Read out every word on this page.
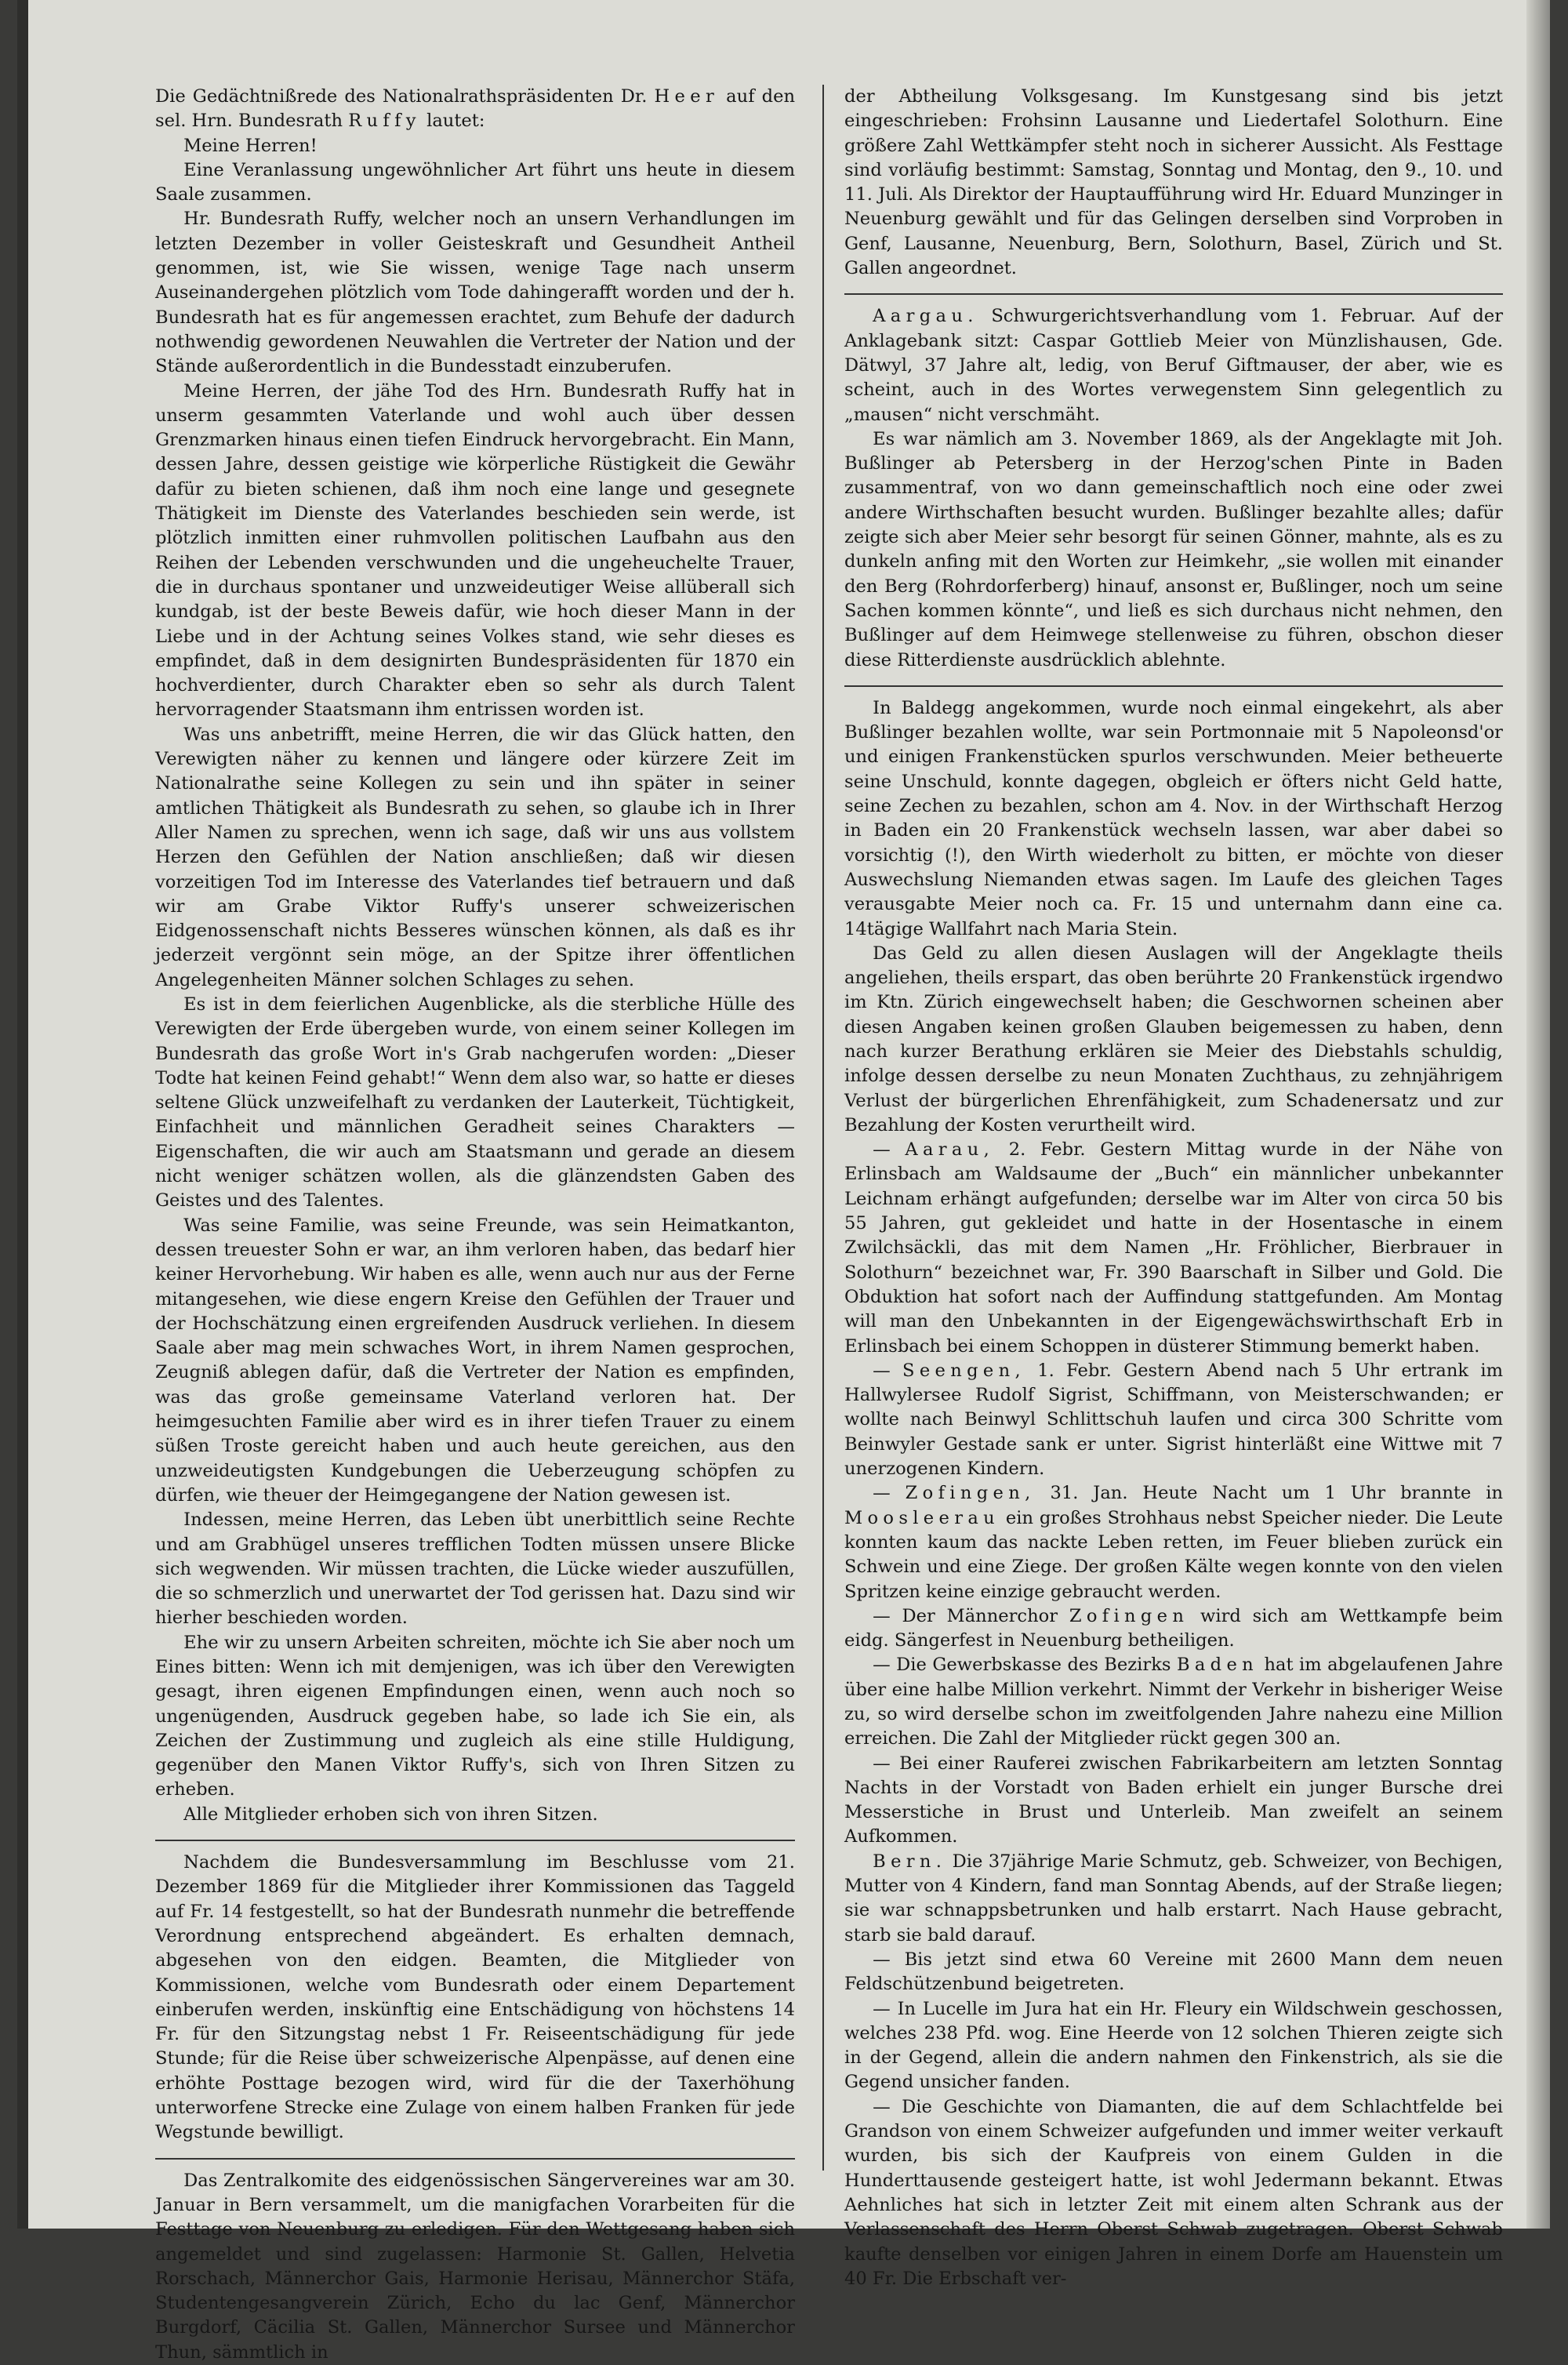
Die Gedächtnißrede des Nationalrathspräsidenten Dr. Heer auf den sel. Hrn. Bundesrath Ruffy lautet:

Meine Herren!

Eine Veranlassung ungewöhnlicher Art führt uns heute in diesem Saale zusammen.

Hr. Bundesrath Ruffy, welcher noch an unsern Verhandlungen im letzten Dezember in voller Geisteskraft und Gesundheit Antheil genommen, ist, wie Sie wissen, wenige Tage nach unserm Auseinandergehen plötzlich vom Tode dahingerafft worden und der h. Bundesrath hat es für angemessen erachtet, zum Behufe der dadurch nothwendig gewordenen Neuwahlen die Vertreter der Nation und der Stände außerordentlich in die Bundesstadt einzuberufen.

Meine Herren, der jähe Tod des Hrn. Bundesrath Ruffy hat in unserm gesammten Vaterlande und wohl auch über dessen Grenzmarken hinaus einen tiefen Eindruck hervorgebracht. Ein Mann, dessen Jahre, dessen geistige wie körperliche Rüstigkeit die Gewähr dafür zu bieten schienen, daß ihm noch eine lange und gesegnete Thätigkeit im Dienste des Vaterlandes beschieden sein werde, ist plötzlich inmitten einer ruhmvollen politischen Laufbahn aus den Reihen der Lebenden verschwunden und die ungeheuchelte Trauer, die in durchaus spontaner und unzweideutiger Weise allüberall sich kundgab, ist der beste Beweis dafür, wie hoch dieser Mann in der Liebe und in der Achtung seines Volkes stand, wie sehr dieses es empfindet, daß in dem designirten Bundespräsidenten für 1870 ein hochverdienter, durch Charakter eben so sehr als durch Talent hervorragender Staatsmann ihm entrissen worden ist.

Was uns anbetrifft, meine Herren, die wir das Glück hatten, den Verewigten näher zu kennen und längere oder kürzere Zeit im Nationalrathe seine Kollegen zu sein und ihn später in seiner amtlichen Thätigkeit als Bundesrath zu sehen, so glaube ich in Ihrer Aller Namen zu sprechen, wenn ich sage, daß wir uns aus vollstem Herzen den Gefühlen der Nation anschließen; daß wir diesen vorzeitigen Tod im Interesse des Vaterlandes tief betrauern und daß wir am Grabe Viktor Ruffy's unserer schweizerischen Eidgenossenschaft nichts Besseres wünschen können, als daß es ihr jederzeit vergönnt sein möge, an der Spitze ihrer öffentlichen Angelegenheiten Männer solchen Schlages zu sehen.

Es ist in dem feierlichen Augenblicke, als die sterbliche Hülle des Verewigten der Erde übergeben wurde, von einem seiner Kollegen im Bundesrath das große Wort in's Grab nachgerufen worden: „Dieser Todte hat keinen Feind gehabt!“ Wenn dem also war, so hatte er dieses seltene Glück unzweifelhaft zu verdanken der Lauterkeit, Tüchtigkeit, Einfachheit und männlichen Geradheit seines Charakters — Eigenschaften, die wir auch am Staatsmann und gerade an diesem nicht weniger schätzen wollen, als die glänzendsten Gaben des Geistes und des Talentes.

Was seine Familie, was seine Freunde, was sein Heimatkanton, dessen treuester Sohn er war, an ihm verloren haben, das bedarf hier keiner Hervorhebung. Wir haben es alle, wenn auch nur aus der Ferne mitangesehen, wie diese engern Kreise den Gefühlen der Trauer und der Hochschätzung einen ergreifenden Ausdruck verliehen. In diesem Saale aber mag mein schwaches Wort, in ihrem Namen gesprochen, Zeugniß ablegen dafür, daß die Vertreter der Nation es empfinden, was das große gemeinsame Vaterland verloren hat. Der heimgesuchten Familie aber wird es in ihrer tiefen Trauer zu einem süßen Troste gereicht haben und auch heute gereichen, aus den unzweideutigsten Kundgebungen die Ueberzeugung schöpfen zu dürfen, wie theuer der Heimgegangene der Nation gewesen ist.

Indessen, meine Herren, das Leben übt unerbittlich seine Rechte und am Grabhügel unseres trefflichen Todten müssen unsere Blicke sich wegwenden. Wir müssen trachten, die Lücke wieder auszufüllen, die so schmerzlich und unerwartet der Tod gerissen hat. Dazu sind wir hierher beschieden worden.

Ehe wir zu unsern Arbeiten schreiten, möchte ich Sie aber noch um Eines bitten: Wenn ich mit demjenigen, was ich über den Verewigten gesagt, ihren eigenen Empfindungen einen, wenn auch noch so ungenügenden, Ausdruck gegeben habe, so lade ich Sie ein, als Zeichen der Zustimmung und zugleich als eine stille Huldigung, gegenüber den Manen Viktor Ruffy's, sich von Ihren Sitzen zu erheben.

Alle Mitglieder erhoben sich von ihren Sitzen.

Nachdem die Bundesversammlung im Beschlusse vom 21. Dezember 1869 für die Mitglieder ihrer Kommissionen das Taggeld auf Fr. 14 festgestellt, so hat der Bundesrath nunmehr die betreffende Verordnung entsprechend abgeändert. Es erhalten demnach, abgesehen von den eidgen. Beamten, die Mitglieder von Kommissionen, welche vom Bundesrath oder einem Departement einberufen werden, inskünftig eine Entschädigung von höchstens 14 Fr. für den Sitzungstag nebst 1 Fr. Reiseentschädigung für jede Stunde; für die Reise über schweizerische Alpenpässe, auf denen eine erhöhte Posttage bezogen wird, wird für die der Taxerhöhung unterworfene Strecke eine Zulage von einem halben Franken für jede Wegstunde bewilligt.

Das Zentralkomite des eidgenössischen Sängervereines war am 30. Januar in Bern versammelt, um die manigfachen Vorarbeiten für die Festtage von Neuenburg zu erledigen. Für den Wettgesang haben sich angemeldet und sind zugelassen: Harmonie St. Gallen, Helvetia Rorschach, Männerchor Gais, Harmonie Herisau, Männerchor Stäfa, Studentengesangverein Zürich, Echo du lac Genf, Männerchor Burgdorf, Cäcilia St. Gallen, Männerchor Sursee und Männerchor Thun, sämmtlich in

der Abtheilung Volksgesang. Im Kunstgesang sind bis jetzt eingeschrieben: Frohsinn Lausanne und Liedertafel Solothurn. Eine größere Zahl Wettkämpfer steht noch in sicherer Aussicht. Als Festtage sind vorläufig bestimmt: Samstag, Sonntag und Montag, den 9., 10. und 11. Juli. Als Direktor der Hauptaufführung wird Hr. Eduard Munzinger in Neuenburg gewählt und für das Gelingen derselben sind Vorproben in Genf, Lausanne, Neuenburg, Bern, Solothurn, Basel, Zürich und St. Gallen angeordnet.

Aargau. Schwurgerichtsverhandlung vom 1. Februar. Auf der Anklagebank sitzt: Caspar Gottlieb Meier von Münzlishausen, Gde. Dätwyl, 37 Jahre alt, ledig, von Beruf Giftmauser, der aber, wie es scheint, auch in des Wortes verwegenstem Sinn gelegentlich zu „mausen“ nicht verschmäht.

Es war nämlich am 3. November 1869, als der Angeklagte mit Joh. Bußlinger ab Petersberg in der Herzog'schen Pinte in Baden zusammentraf, von wo dann gemeinschaftlich noch eine oder zwei andere Wirthschaften besucht wurden. Bußlinger bezahlte alles; dafür zeigte sich aber Meier sehr besorgt für seinen Gönner, mahnte, als es zu dunkeln anfing mit den Worten zur Heimkehr, „sie wollen mit einander den Berg (Rohrdorferberg) hinauf, ansonst er, Bußlinger, noch um seine Sachen kommen könnte“, und ließ es sich durchaus nicht nehmen, den Bußlinger auf dem Heimwege stellenweise zu führen, obschon dieser diese Ritterdienste ausdrücklich ablehnte.

In Baldegg angekommen, wurde noch einmal eingekehrt, als aber Bußlinger bezahlen wollte, war sein Portmonnaie mit 5 Napoleonsd'or und einigen Frankenstücken spurlos verschwunden. Meier betheuerte seine Unschuld, konnte dagegen, obgleich er öfters nicht Geld hatte, seine Zechen zu bezahlen, schon am 4. Nov. in der Wirthschaft Herzog in Baden ein 20 Frankenstück wechseln lassen, war aber dabei so vorsichtig (!), den Wirth wiederholt zu bitten, er möchte von dieser Auswechslung Niemanden etwas sagen. Im Laufe des gleichen Tages verausgabte Meier noch ca. Fr. 15 und unternahm dann eine ca. 14tägige Wallfahrt nach Maria Stein.

Das Geld zu allen diesen Auslagen will der Angeklagte theils angeliehen, theils erspart, das oben berührte 20 Frankenstück irgendwo im Ktn. Zürich eingewechselt haben; die Geschwornen scheinen aber diesen Angaben keinen großen Glauben beigemessen zu haben, denn nach kurzer Berathung erklären sie Meier des Diebstahls schuldig, infolge dessen derselbe zu neun Monaten Zuchthaus, zu zehnjährigem Verlust der bürgerlichen Ehrenfähigkeit, zum Schadenersatz und zur Bezahlung der Kosten verurtheilt wird.

— Aarau, 2. Febr. Gestern Mittag wurde in der Nähe von Erlinsbach am Waldsaume der „Buch“ ein männlicher unbekannter Leichnam erhängt aufgefunden; derselbe war im Alter von circa 50 bis 55 Jahren, gut gekleidet und hatte in der Hosentasche in einem Zwilchsäckli, das mit dem Namen „Hr. Fröhlicher, Bierbrauer in Solothurn“ bezeichnet war, Fr. 390 Baarschaft in Silber und Gold. Die Obduktion hat sofort nach der Auffindung stattgefunden. Am Montag will man den Unbekannten in der Eigengewächswirthschaft Erb in Erlinsbach bei einem Schoppen in düsterer Stimmung bemerkt haben.

— Seengen, 1. Febr. Gestern Abend nach 5 Uhr ertrank im Hallwylersee Rudolf Sigrist, Schiffmann, von Meisterschwanden; er wollte nach Beinwyl Schlittschuh laufen und circa 300 Schritte vom Beinwyler Gestade sank er unter. Sigrist hinterläßt eine Wittwe mit 7 unerzogenen Kindern.

— Zofingen, 31. Jan. Heute Nacht um 1 Uhr brannte in Moosleerau ein großes Strohhaus nebst Speicher nieder. Die Leute konnten kaum das nackte Leben retten, im Feuer blieben zurück ein Schwein und eine Ziege. Der großen Kälte wegen konnte von den vielen Spritzen keine einzige gebraucht werden.

— Der Männerchor Zofingen wird sich am Wettkampfe beim eidg. Sängerfest in Neuenburg betheiligen.

— Die Gewerbskasse des Bezirks Baden hat im abgelaufenen Jahre über eine halbe Million verkehrt. Nimmt der Verkehr in bisheriger Weise zu, so wird derselbe schon im zweitfolgenden Jahre nahezu eine Million erreichen. Die Zahl der Mitglieder rückt gegen 300 an.

— Bei einer Rauferei zwischen Fabrikarbeitern am letzten Sonntag Nachts in der Vorstadt von Baden erhielt ein junger Bursche drei Messerstiche in Brust und Unterleib. Man zweifelt an seinem Aufkommen.

Bern. Die 37jährige Marie Schmutz, geb. Schweizer, von Bechigen, Mutter von 4 Kindern, fand man Sonntag Abends, auf der Straße liegen; sie war schnappsbetrunken und halb erstarrt. Nach Hause gebracht, starb sie bald darauf.

— Bis jetzt sind etwa 60 Vereine mit 2600 Mann dem neuen Feldschützenbund beigetreten.

— In Lucelle im Jura hat ein Hr. Fleury ein Wildschwein geschossen, welches 238 Pfd. wog. Eine Heerde von 12 solchen Thieren zeigte sich in der Gegend, allein die andern nahmen den Finkenstrich, als sie die Gegend unsicher fanden.

— Die Geschichte von Diamanten, die auf dem Schlachtfelde bei Grandson von einem Schweizer aufgefunden und immer weiter verkauft wurden, bis sich der Kaufpreis von einem Gulden in die Hunderttausende gesteigert hatte, ist wohl Jedermann bekannt. Etwas Aehnliches hat sich in letzter Zeit mit einem alten Schrank aus der Verlassenschaft des Herrn Oberst Schwab zugetragen. Oberst Schwab kaufte denselben vor einigen Jahren in einem Dorfe am Hauenstein um 40 Fr. Die Erbschaft ver-
